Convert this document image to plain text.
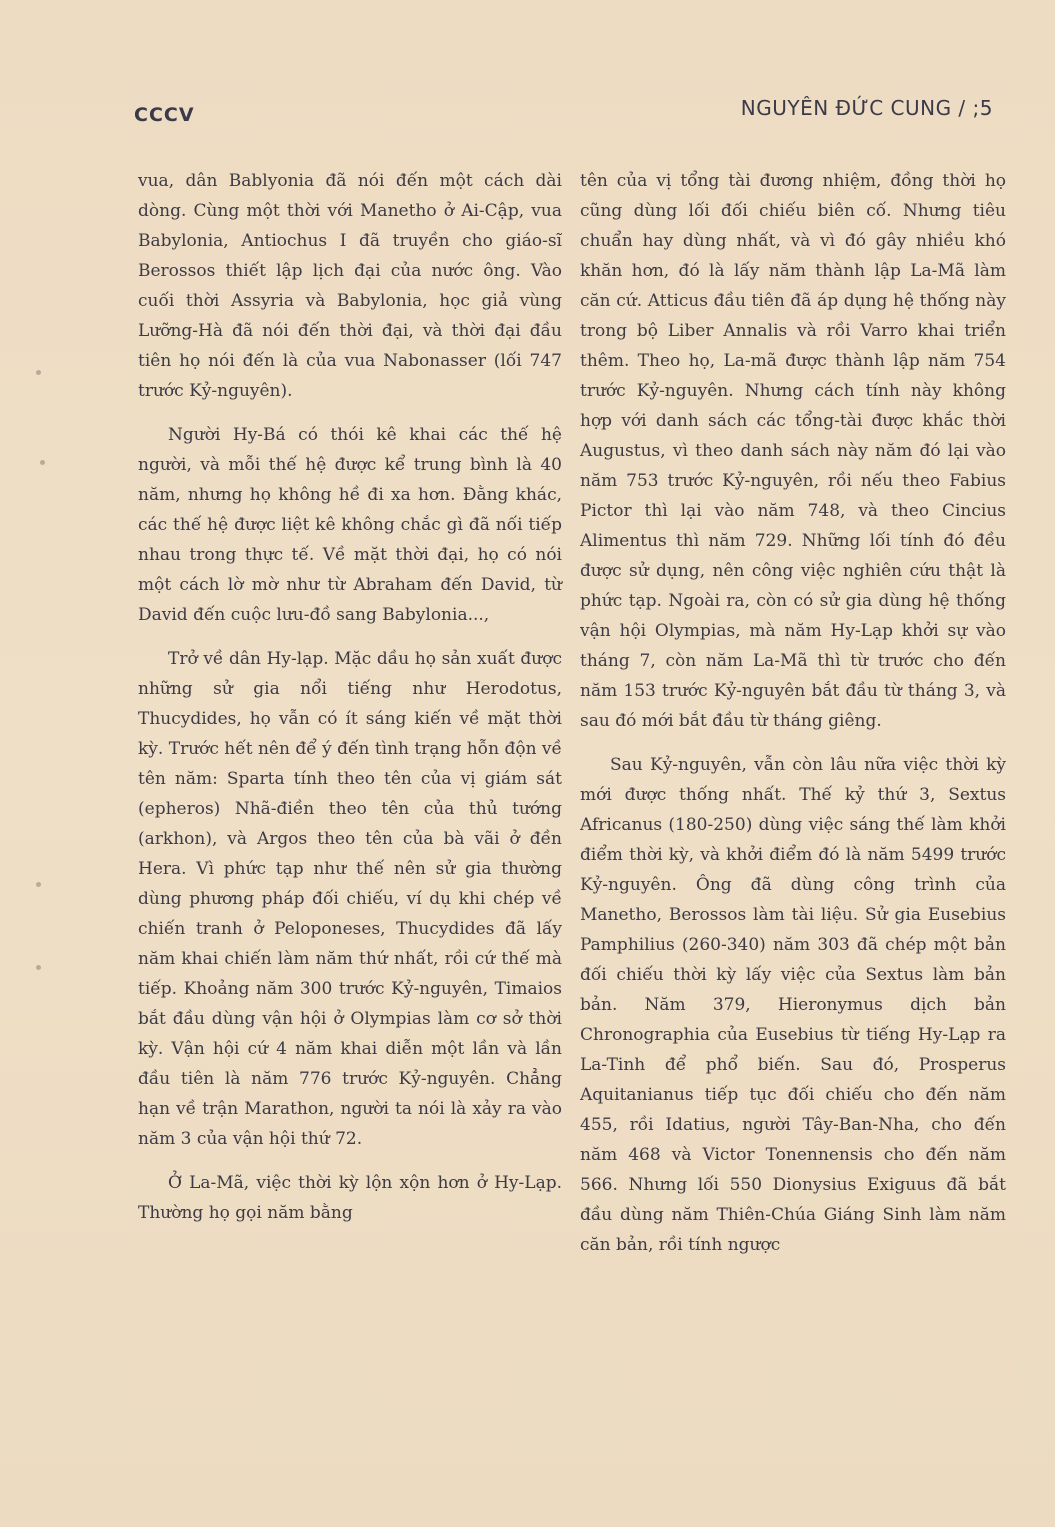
CCCV	NGUYÊN ĐỨC CUNG / ;5

vua, dân Bablyonia đã nói đến một cách dài dòng. Cùng một thời với Manetho ở Ai-Cập, vua Babylonia, Antiochus I đã truyền cho giáo-sĩ Berossos thiết lập lịch đại của nước ông. Vào cuối thời Assyria và Babylonia, học giả vùng Lưỡng-Hà đã nói đến thời đại, và thời đại đầu tiên họ nói đến là của vua Nabonasser (lối 747 trước Kỷ-nguyên).

Người Hy-Bá có thói kê khai các thế hệ người, và mỗi thế hệ được kể trung bình là 40 năm, nhưng họ không hề đi xa hơn. Đằng khác, các thế hệ được liệt kê không chắc gì đã nối tiếp nhau trong thực tế. Về mặt thời đại, họ có nói một cách lờ mờ như từ Abraham đến David, từ David đến cuộc lưu-đồ sang Babylonia...,

Trở về dân Hy-lạp. Mặc dầu họ sản xuất được những sử gia nổi tiếng như Herodotus, Thucydides, họ vẫn có ít sáng kiến về mặt thời kỳ. Trước hết nên để ý đến tình trạng hỗn độn về tên năm: Sparta tính theo tên của vị giám sát (epheros) Nhã-điền theo tên của thủ tướng (arkhon), và Argos theo tên của bà vãi ở đền Hera. Vì phức tạp như thế nên sử gia thường dùng phương pháp đối chiếu, ví dụ khi chép về chiến tranh ở Peloponeses, Thucydides đã lấy năm khai chiến làm năm thứ nhất, rồi cứ thế mà tiếp. Khoảng năm 300 trước Kỷ-nguyên, Timaios bắt đầu dùng vận hội ở Olympias làm cơ sở thời kỳ. Vận hội cứ 4 năm khai diễn một lần và lần đầu tiên là năm 776 trước Kỷ-nguyên. Chẳng hạn về trận Marathon, người ta nói là xảy ra vào năm 3 của vận hội thứ 72.

Ở La-Mã, việc thời kỳ lộn xộn hơn ở Hy-Lạp. Thường họ gọi năm bằng

tên của vị tổng tài đương nhiệm, đồng thời họ cũng dùng lối đối chiếu biên cố. Nhưng tiêu chuẩn hay dùng nhất, và vì đó gây nhiều khó khăn hơn, đó là lấy năm thành lập La-Mã làm căn cứ. Atticus đầu tiên đã áp dụng hệ thống này trong bộ Liber Annalis và rồi Varro khai triển thêm. Theo họ, La-mã được thành lập năm 754 trước Kỷ-nguyên. Nhưng cách tính này không hợp với danh sách các tổng-tài được khắc thời Augustus, vì theo danh sách này năm đó lại vào năm 753 trước Kỷ-nguyên, rồi nếu theo Fabius Pictor thì lại vào năm 748, và theo Cincius Alimentus thì năm 729. Những lối tính đó đều được sử dụng, nên công việc nghiên cứu thật là phức tạp. Ngoài ra, còn có sử gia dùng hệ thống vận hội Olympias, mà năm Hy-Lạp khởi sự vào tháng 7, còn năm La-Mã thì từ trước cho đến năm 153 trước Kỷ-nguyên bắt đầu từ tháng 3, và sau đó mới bắt đầu từ tháng giêng.

Sau Kỷ-nguyên, vẫn còn lâu nữa việc thời kỳ mới được thống nhất. Thế kỷ thứ 3, Sextus Africanus (180-250) dùng việc sáng thế làm khởi điểm thời kỳ, và khởi điểm đó là năm 5499 trước Kỷ-nguyên. Ông đã dùng công trình của Manetho, Berossos làm tài liệu. Sử gia Eusebius Pamphilius (260-340) năm 303 đã chép một bản đối chiếu thời kỳ lấy việc của Sextus làm bản bản. Năm 379, Hieronymus dịch bản Chronographia của Eusebius từ tiếng Hy-Lạp ra La-Tinh để phổ biến. Sau đó, Prosperus Aquitanianus tiếp tục đối chiếu cho đến năm 455, rồi Idatius, người Tây-Ban-Nha, cho đến năm 468 và Victor Tonennensis cho đến năm 566. Nhưng lối 550 Dionysius Exiguus đã bắt đầu dùng năm Thiên-Chúa Giáng Sinh làm năm căn bản, rồi tính ngược
